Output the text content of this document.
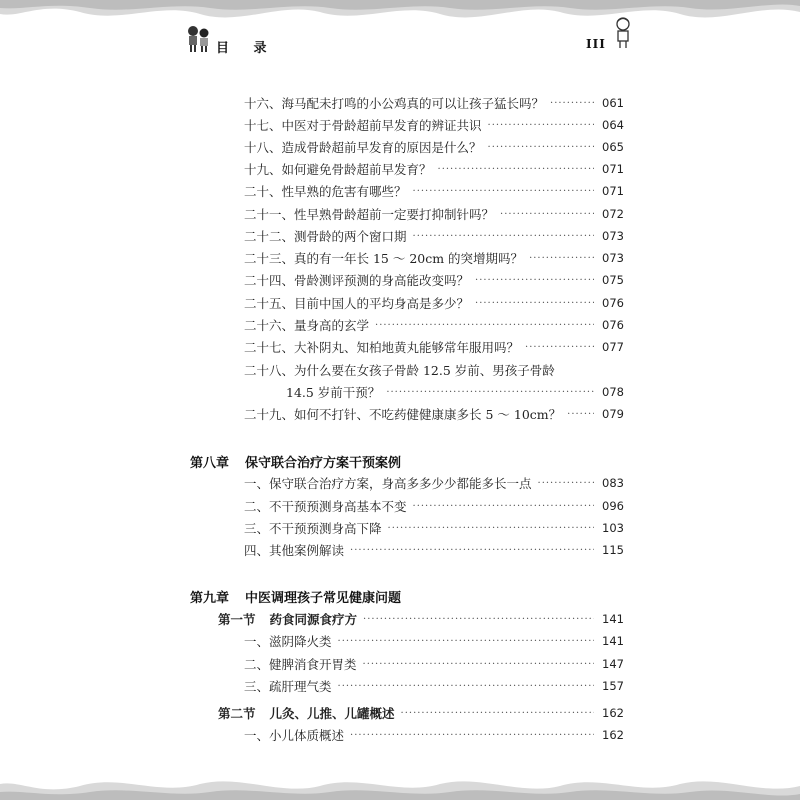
目 录	III
十六、海马配未打鸣的小公鸡真的可以让孩子猛长吗？ ·····	061
十七、中医对于骨龄超前早发育的辨证共识 ·····	064
十八、造成骨龄超前早发育的原因是什么？ ·····	065
十九、如何避免骨龄超前早发育？ ·····	071
二十、性早熟的危害有哪些？ ·····	071
二十一、性早熟骨龄超前一定要打抑制针吗？ ·····	072
二十二、测骨龄的两个窗口期 ·····	073
二十三、真的有一年长 15 ～ 20cm 的突增期吗？ ·····	073
二十四、骨龄测评预测的身高能改变吗？ ·····	075
二十五、目前中国人的平均身高是多少？ ·····	076
二十六、量身高的玄学 ·····	076
二十七、大补阴丸、知柏地黄丸能够常年服用吗？ ·····	077
二十八、为什么要在女孩子骨龄 12.5 岁前、男孩子骨龄
14.5 岁前干预？ ·····	078
二十九、如何不打针、不吃药健健康康多长 5 ～ 10cm？ ·····	079
第八章 保守联合治疗方案干预案例
一、保守联合治疗方案，身高多多少少都能多长一点 ·····	083
二、不干预预测身高基本不变 ·····	096
三、不干预预测身高下降 ·····	103
四、其他案例解读 ·····	115
第九章 中医调理孩子常见健康问题
第一节 药食同源食疗方 ·····	141
一、滋阴降火类 ·····	141
二、健脾消食开胃类 ·····	147
三、疏肝理气类 ·····	157
第二节 儿灸、儿推、儿罐概述 ·····	162
一、小儿体质概述 ·····	162
